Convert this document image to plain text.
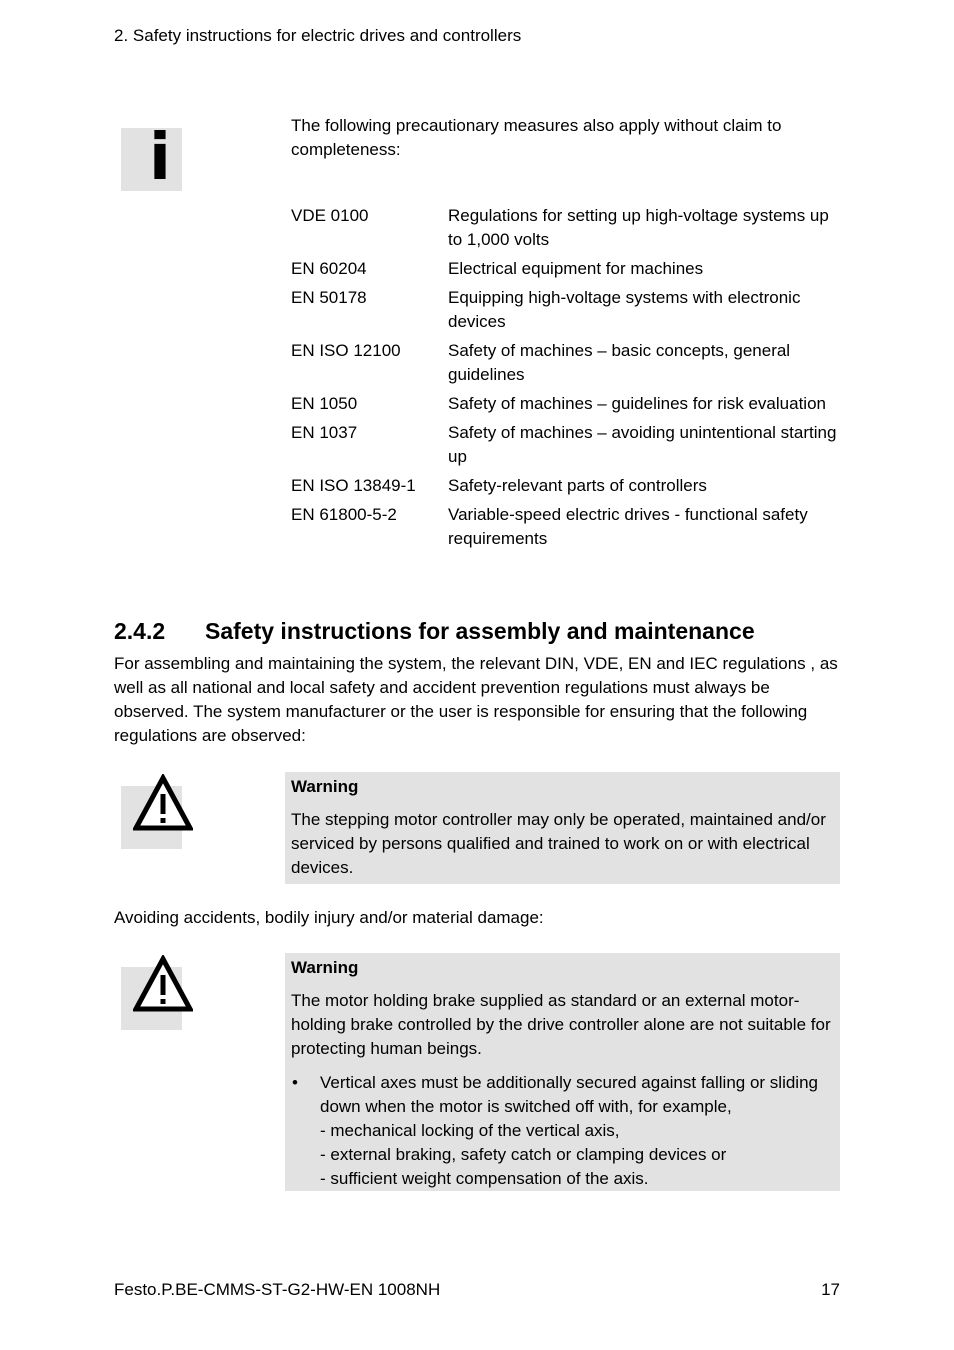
2. Safety instructions for electric drives and controllers
i	The following precautionary measures also apply without claim to completeness:
VDE 0100	Regulations for setting up high-voltage systems up to 1,000 volts
EN 60204	Electrical equipment for machines
EN 50178	Equipping high-voltage systems with electronic devices
EN ISO 12100	Safety of machines – basic concepts, general guidelines
EN 1050	Safety of machines – guidelines for risk evaluation
EN 1037	Safety of machines – avoiding unintentional starting up
EN ISO 13849-1	Safety-relevant parts of controllers
EN 61800-5-2	Variable-speed electric drives - functional safety requirements
2.4.2 Safety instructions for assembly and maintenance
For assembling and maintaining the system, the relevant DIN, VDE, EN and IEC regulations , as well as all national and local safety and accident prevention regulations must always be observed. The system manufacturer or the user is responsible for ensuring that the following regulations are observed:
Warning
The stepping motor controller may only be operated, maintained and/or serviced by persons qualified and trained to work on or with electrical devices.
Avoiding accidents, bodily injury and/or material damage:
Warning
The motor holding brake supplied as standard or an external motor-holding brake controlled by the drive controller alone are not suitable for protecting human beings.
• Vertical axes must be additionally secured against falling or sliding down when the motor is switched off with, for example,
- mechanical locking of the vertical axis,
- external braking, safety catch or clamping devices or
- sufficient weight compensation of the axis.
Festo.P.BE-CMMS-ST-G2-HW-EN 1008NH	17
